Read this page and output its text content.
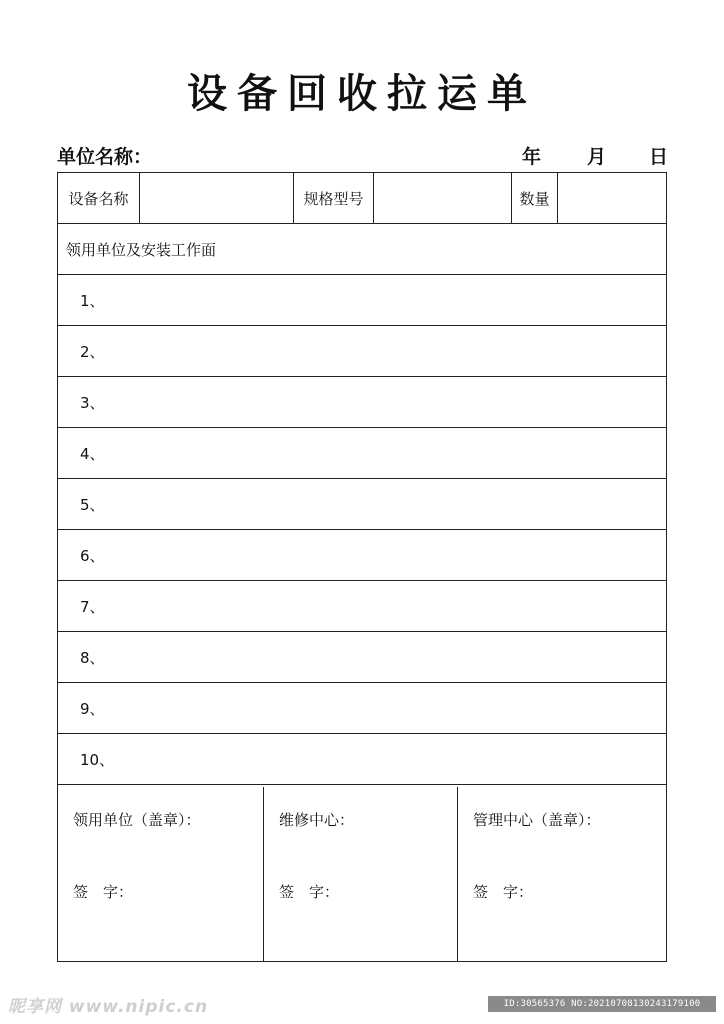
设备回收拉运单
单位名称：	年 月 日
设备名称	规格型号	数量
领用单位及安装工作面
1、
2、
3、
4、
5、
6、
7、
8、
9、
10、
领用单位（盖章）：
签　字：
维修中心：
签　字：
管理中心（盖章）：
签　字：
昵享网 www.nipic.cn	ID:30565376 NO:20210708130243179100
